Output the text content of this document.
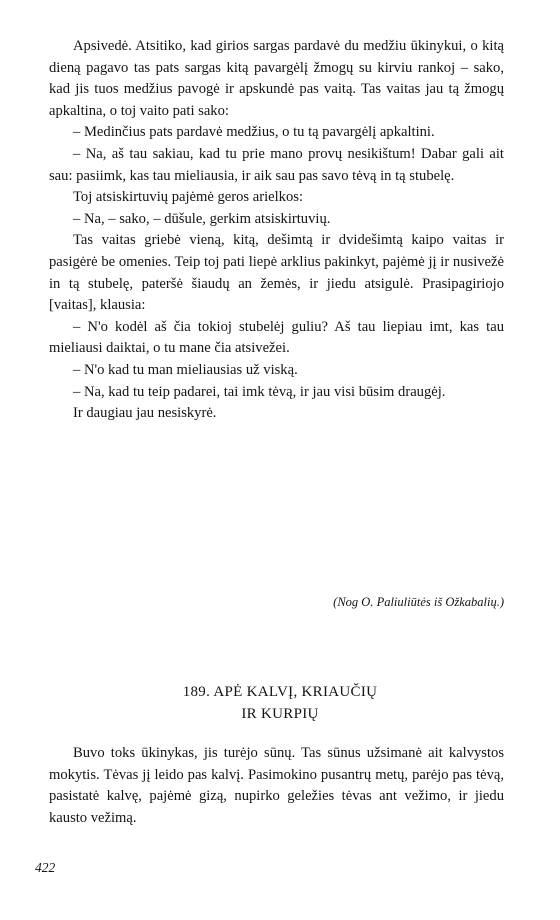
Apsivedė. Atsitiko, kad girios sargas pardavė du medžiu ūkinykui, o kitą dieną pagavo tas pats sargas kitą pavargėlį žmogų su kirviu rankoj – sako, kad jis tuos medžius pavogė ir apskundė pas vaitą. Tas vaitas jau tą žmogų apkaltina, o toj vaito pati sako:

– Medinčius pats pardavė medžius, o tu tą pavargėlį apkaltini.

– Na, aš tau sakiau, kad tu prie mano provų nesikištum! Dabar gali ait sau: pasiimk, kas tau mieliausia, ir aik sau pas savo tėvą in tą stubelę.

Toj atsiskirtuvių pajėmė geros arielkos:

– Na, – sako, – dūšule, gerkim atsiskirtuvių.

Tas vaitas griebė vieną, kitą, dešimtą ir dvidešimtą kaipo vaitas ir pasigėrė be omenies. Teip toj pati liepė arklius pakinkyt, pajėmė jį ir nusivežė in tą stubelę, pateršė šiaudų an žemės, ir jiedu atsigulė. Prasipagiriojo [vaitas], klausia:

– N'o kodėl aš čia tokioj stubelėj guliu? Aš tau liepiau imt, kas tau mieliausi daiktai, o tu mane čia atsivežei.

– N'o kad tu man mieliausias už viską.

– Na, kad tu teip padarei, tai imk tėvą, ir jau visi būsim draugėj.

Ir daugiau jau nesiskyrė.

(Nog O. Paliuliūtės iš Ožkabalių.)
189. APĖ KALVĮ, KRIAUČIŲ
IR KURPIŲ

Buvo toks ūkinykas, jis turėjo sūnų. Tas sūnus užsimanė ait kalvystos mokytis. Tėvas jį leido pas kalvį. Pasimokino pusantrų metų, parėjo pas tėvą, pasistatė kalvę, pajėmė gizą, nupirko geležies tėvas ant vežimo, ir jiedu kausto vežimą.

422
